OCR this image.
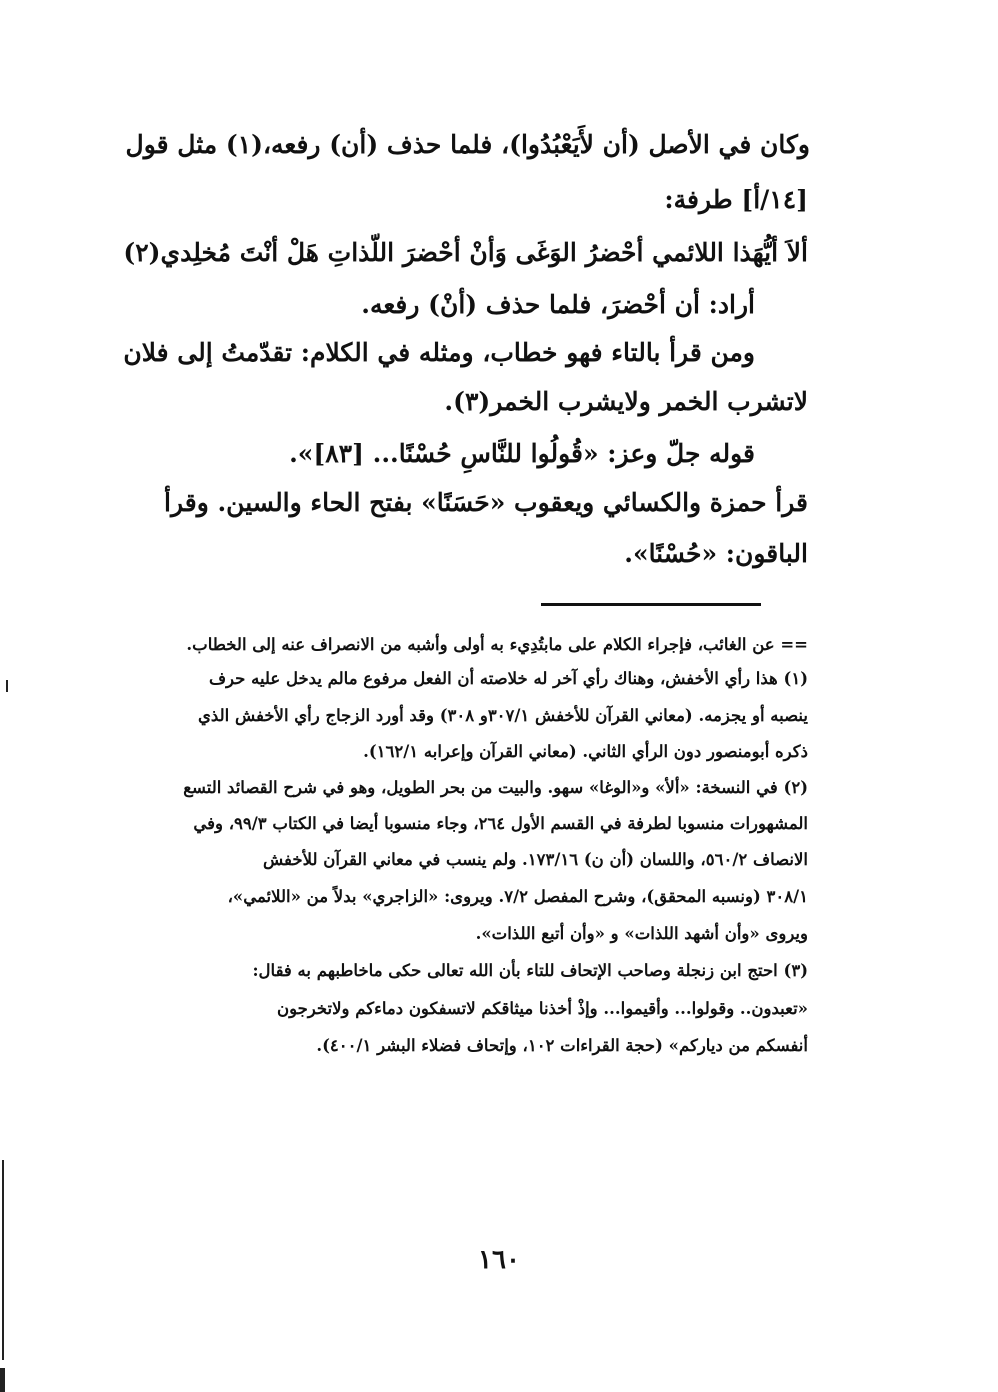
وكان في الأصل (أن لأَيَعْبُدُوا)، فلما حذف (أن) رفعه،(١) مثل قول
[١٤/أ] طرفة:
ألاَ أيُّهَذا اللائمي أحْضرُ الوَغَى وَأنْ أحْضرَ اللّذاتِ هَلْ أنْتَ مُخلِدي(٢)
أراد: أن أحْضرَ، فلما حذف (أنْ) رفعه.
ومن قرأ بالتاء فهو خطاب، ومثله في الكلام: تقدّمتُ إلى فلان
لاتشرب الخمر ولايشرب الخمر(٣).
قوله جلّ وعز: «قُولُوا للنَّاسِ حُسْنًا... [٨٣]».
قرأ حمزة والكسائي ويعقوب «حَسَنًا» بفتح الحاء والسين. وقرأ
الباقون: «حُسْنًا».
== عن الغائب، فإجراء الكلام على مابتُدِيء به أولى وأشبه من الانصراف عنه إلى الخطاب.
(١) هذا رأي الأخفش، وهناك رأي آخر له خلاصته أن الفعل مرفوع مالم يدخل عليه حرف
ينصبه أو يجزمه. (معاني القرآن للأخفش ٣٠٧/١و ٣٠٨) وقد أورد الزجاج رأي الأخفش الذي
ذكره أبومنصور دون الرأي الثاني. (معاني القرآن وإعرابه ١٦٢/١).
(٢) في النسخة: «ألأ» و«الوغا» سهو. والبيت من بحر الطويل، وهو في شرح القصائد التسع
المشهورات منسوبا لطرفة في القسم الأول ٢٦٤، وجاء منسوبا أيضا في الكتاب ٩٩/٣، وفي
الانصاف ٥٦٠/٢، واللسان (أن ن) ١٧٣/١٦. ولم ينسب في معاني القرآن للأخفش
٣٠٨/١ (ونسبه المحقق)، وشرح المفصل ٧/٢. ويروى: «الزاجري» بدلاً من «اللائمي»،
ويروى «وأن أشهد اللذات» و «وأن أتبع اللذات».
(٣) احتج ابن زنجلة وصاحب الإتحاف للتاء بأن الله تعالى حكى ماخاطبهم به فقال:
«تعبدون.. وقولوا... وأقيموا... وإذْ أخذنا ميثاقكم لاتسفكون دماءكم ولاتخرجون
أنفسكم من دياركم» (حجة القراءات ١٠٢، وإتحاف فضلاء البشر ٤٠٠/١).
١٦٠
